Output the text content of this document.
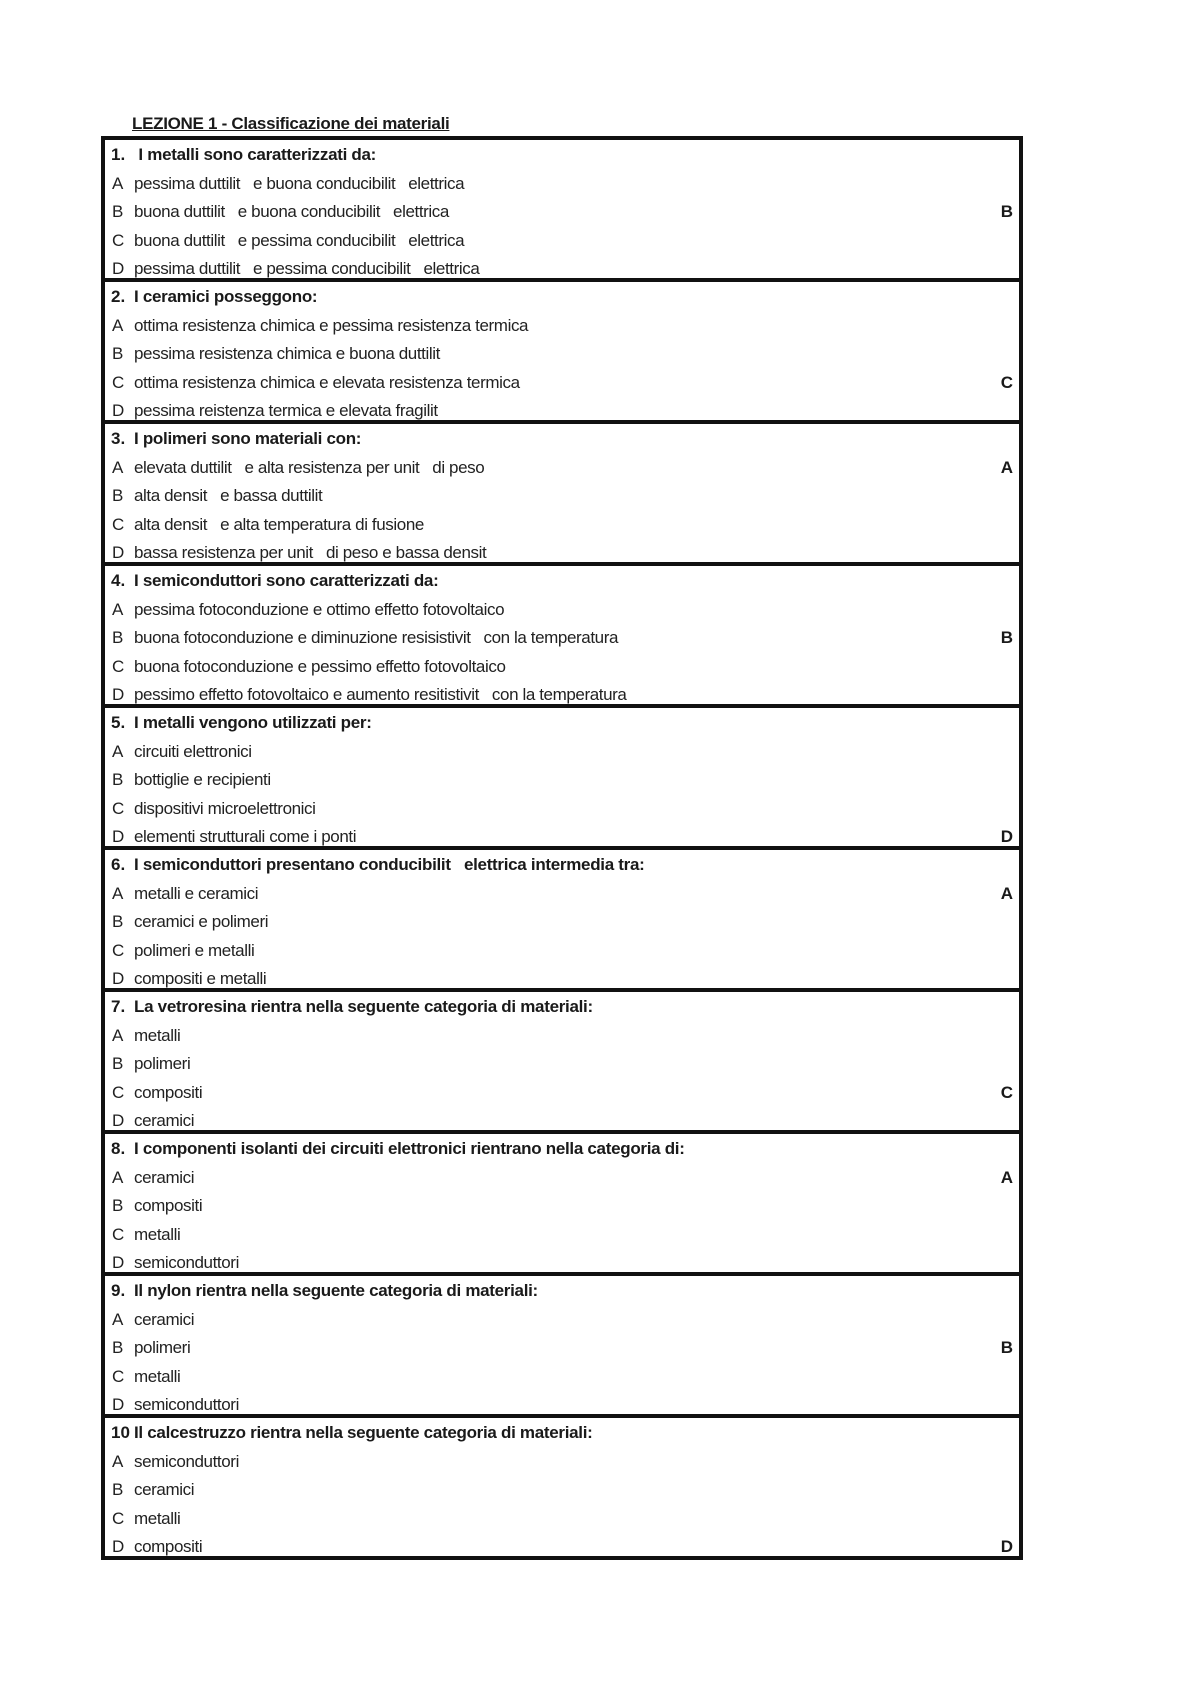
LEZIONE 1 - Classificazione dei materiali
1. I metalli sono caratterizzati da:
A pessima duttilit   e buona conducibilit   elettrica
B buona duttilit   e buona conducibilit   elettrica	B
C buona duttilit   e pessima conducibilit   elettrica
D pessima duttilit   e pessima conducibilit   elettrica
2. I ceramici posseggono:
A ottima resistenza chimica e pessima resistenza termica
B pessima resistenza chimica e buona duttilit
C ottima resistenza chimica e elevata resistenza termica	C
D pessima reistenza termica e elevata fragilit
3. I polimeri sono materiali con:
A elevata duttilit   e alta resistenza per unit   di peso	A
B alta densit   e bassa duttilit
C alta densit   e alta temperatura di fusione
D bassa resistenza per unit   di peso e bassa densit
4. I semiconduttori sono caratterizzati da:
A pessima fotoconduzione e ottimo effetto fotovoltaico
B buona fotoconduzione e diminuzione resisistivit   con la temperatura	B
C buona fotoconduzione e pessimo effetto fotovoltaico
D pessimo effetto fotovoltaico e aumento resitistivit   con la temperatura
5. I metalli vengono utilizzati per:
A circuiti elettronici
B bottiglie e recipienti
C dispositivi microelettronici
D elementi strutturali come i ponti	D
6. I semiconduttori presentano conducibilit   elettrica intermedia tra:
A metalli e ceramici	A
B ceramici e polimeri
C polimeri e metalli
D compositi e metalli
7. La vetroresina rientra nella seguente categoria di materiali:
A metalli
B polimeri
C compositi	C
D ceramici
8. I componenti isolanti dei circuiti elettronici rientrano nella categoria di:
A ceramici	A
B compositi
C metalli
D semiconduttori
9. Il nylon rientra nella seguente categoria di materiali:
A ceramici
B polimeri	B
C metalli
D semiconduttori
10 Il calcestruzzo rientra nella seguente categoria di materiali:
A semiconduttori
B ceramici
C metalli
D compositi	D
